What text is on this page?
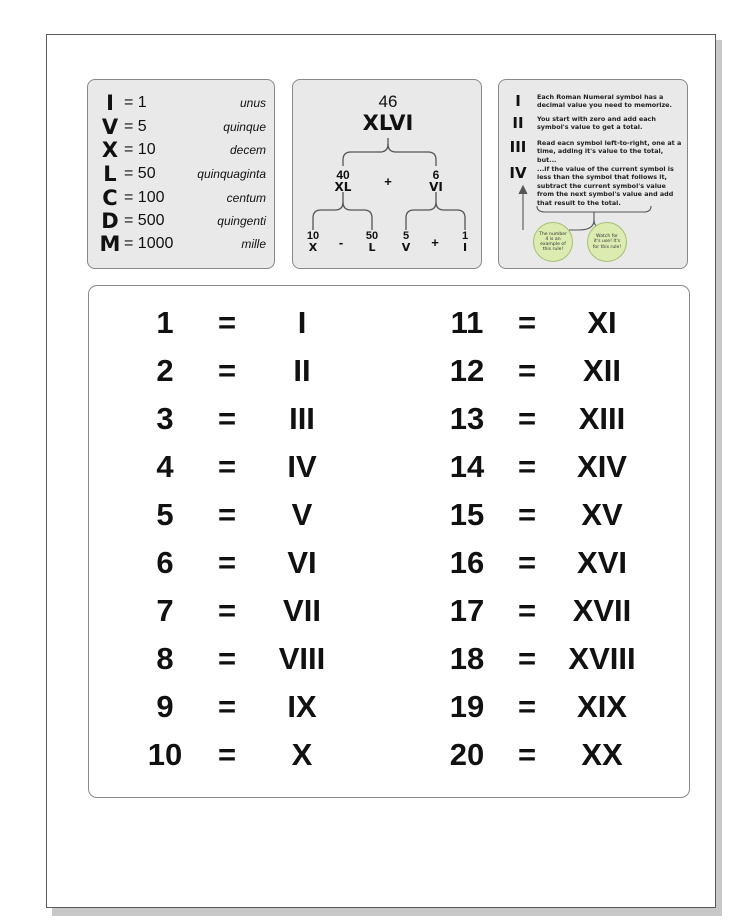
I = 1	unus
V = 5	quinque
X = 10	decem
L = 50	quinquaginta
C = 100	centum
D = 500	quingenti
M = 1000	mille
46
XLVI
40
XL	+	6
VI
10
X	-	50
L
5
V	+	1
I
I	Each Roman Numeral symbol has a decimal value you need to memorize.
II	You start with zero and add each symbol's value to get a total.
III	Read eacn symbol left-to-right, one at a time, adding it's value to the total, but...
IV	...if the value of the current symbol is less than the symbol that follows it, subtract the current symbol's value from the next symbol's value and add that result to the total.
The number 4 is an example of this rule!
Watch for it's use! It's for this rule!
1	=	I
2	=	II
3	=	III
4	=	IV
5	=	V
6	=	VI
7	=	VII
8	=	VIII
9	=	IX
10	=	X
11	=	XI
12	=	XII
13	=	XIII
14	=	XIV
15	=	XV
16	=	XVI
17	=	XVII
18	=	XVIII
19	=	XIX
20	=	XX
